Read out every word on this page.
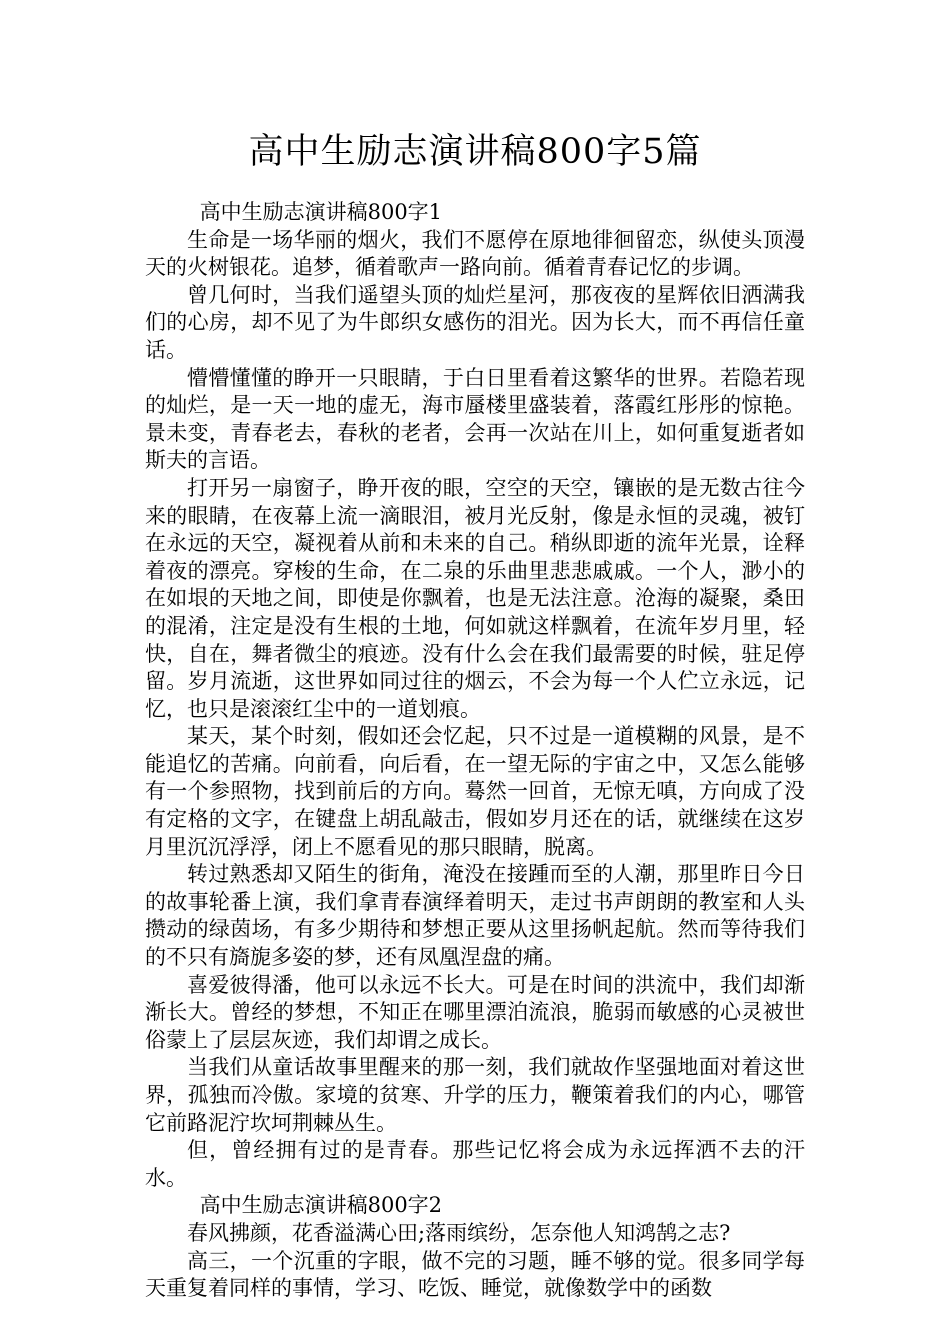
高中生励志演讲稿800字5篇

高中生励志演讲稿800字1

生命是一场华丽的烟火，我们不愿停在原地徘徊留恋，纵使头顶漫天的火树银花。追梦，循着歌声一路向前。循着青春记忆的步调。

曾几何时，当我们遥望头顶的灿烂星河，那夜夜的星辉依旧洒满我们的心房，却不见了为牛郎织女感伤的泪光。因为长大，而不再信任童话。

懵懵懂懂的睁开一只眼睛，于白日里看着这繁华的世界。若隐若现的灿烂，是一天一地的虚无，海市蜃楼里盛装着，落霞红彤彤的惊艳。景未变，青春老去，春秋的老者，会再一次站在川上，如何重复逝者如斯夫的言语。

打开另一扇窗子，睁开夜的眼，空空的天空，镶嵌的是无数古往今来的眼睛，在夜幕上流一滴眼泪，被月光反射，像是永恒的灵魂，被钉在永远的天空，凝视着从前和未来的自己。稍纵即逝的流年光景，诠释着夜的漂亮。穿梭的生命，在二泉的乐曲里悲悲戚戚。一个人，渺小的在如垠的天地之间，即使是你飘着，也是无法注意。沧海的凝聚，桑田的混淆，注定是没有生根的土地，何如就这样飘着，在流年岁月里，轻快，自在，舞者微尘的痕迹。没有什么会在我们最需要的时候，驻足停留。岁月流逝，这世界如同过往的烟云，不会为每一个人伫立永远，记忆，也只是滚滚红尘中的一道划痕。

某天，某个时刻，假如还会忆起，只不过是一道模糊的风景，是不能追忆的苦痛。向前看，向后看，在一望无际的宇宙之中，又怎么能够有一个参照物，找到前后的方向。蓦然一回首，无惊无嗔，方向成了没有定格的文字，在键盘上胡乱敲击，假如岁月还在的话，就继续在这岁月里沉沉浮浮，闭上不愿看见的那只眼睛，脱离。

转过熟悉却又陌生的街角，淹没在接踵而至的人潮，那里昨日今日的故事轮番上演，我们拿青春演绎着明天，走过书声朗朗的教室和人头攒动的绿茵场，有多少期待和梦想正要从这里扬帆起航。然而等待我们的不只有旖旎多姿的梦，还有凤凰涅盘的痛。

喜爱彼得潘，他可以永远不长大。可是在时间的洪流中，我们却渐渐长大。曾经的梦想，不知正在哪里漂泊流浪，脆弱而敏感的心灵被世俗蒙上了层层灰迹，我们却谓之成长。

当我们从童话故事里醒来的那一刻，我们就故作坚强地面对着这世界，孤独而冷傲。家境的贫寒、升学的压力，鞭策着我们的内心，哪管它前路泥泞坎坷荆棘丛生。

但，曾经拥有过的是青春。那些记忆将会成为永远挥洒不去的汗水。

高中生励志演讲稿800字2

春风拂颜，花香溢满心田;落雨缤纷，怎奈他人知鸿鹄之志?

高三，一个沉重的字眼，做不完的习题，睡不够的觉。很多同学每天重复着同样的事情，学习、吃饭、睡觉，就像数学中的函数
